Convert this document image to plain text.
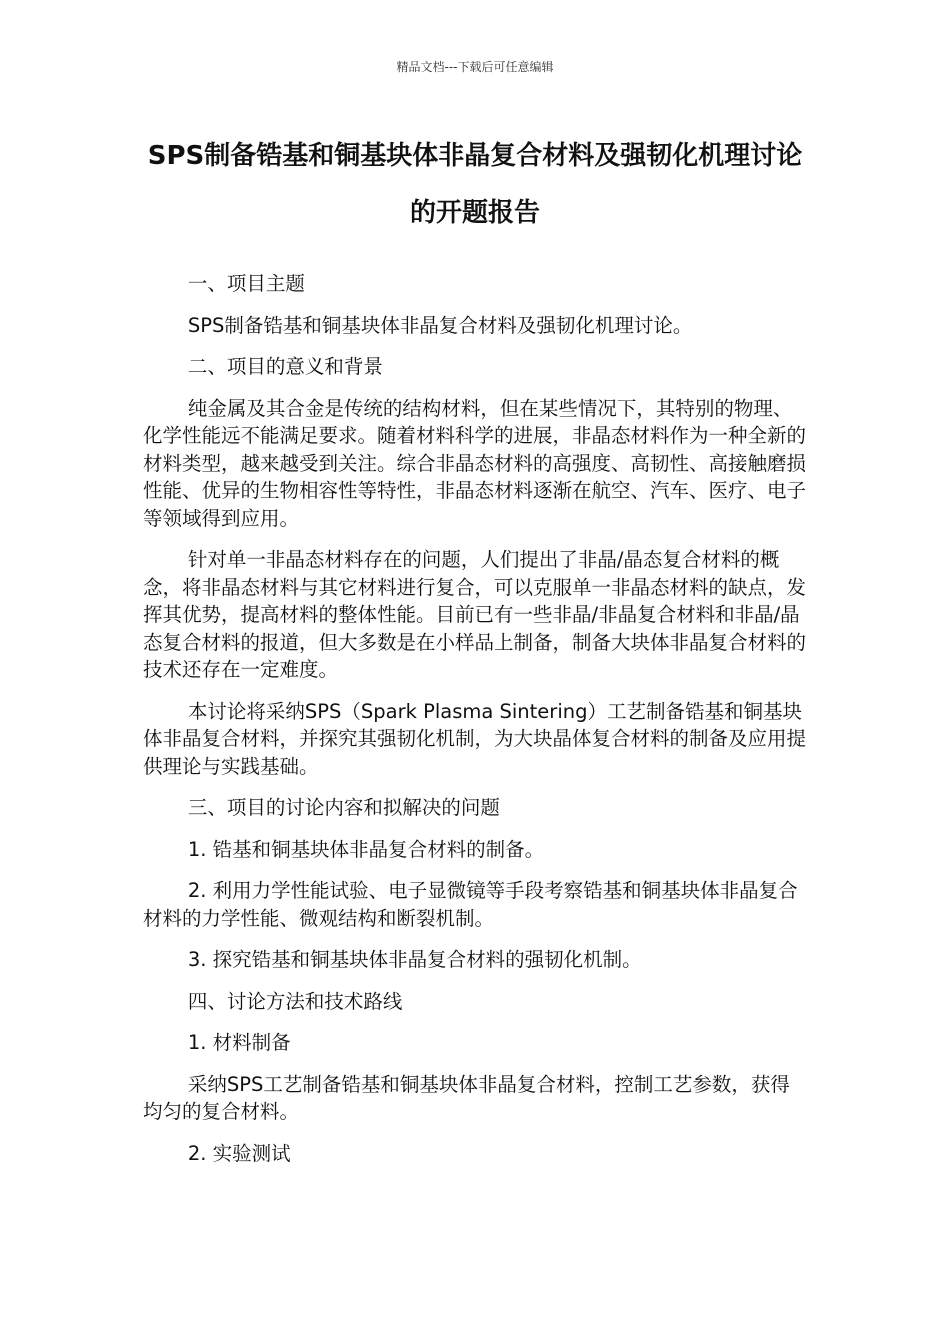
精品文档---下载后可任意编辑
SPS制备锆基和铜基块体非晶复合材料及强韧化机理讨论的开题报告

一、项目主题

SPS制备锆基和铜基块体非晶复合材料及强韧化机理讨论。

二、项目的意义和背景

纯金属及其合金是传统的结构材料，但在某些情况下，其特别的物理、化学性能远不能满足要求。随着材料科学的进展，非晶态材料作为一种全新的材料类型，越来越受到关注。综合非晶态材料的高强度、高韧性、高接触磨损性能、优异的生物相容性等特性，非晶态材料逐渐在航空、汽车、医疗、电子等领域得到应用。

针对单一非晶态材料存在的问题，人们提出了非晶/晶态复合材料的概念，将非晶态材料与其它材料进行复合，可以克服单一非晶态材料的缺点，发挥其优势，提高材料的整体性能。目前已有一些非晶/非晶复合材料和非晶/晶态复合材料的报道，但大多数是在小样品上制备，制备大块体非晶复合材料的技术还存在一定难度。

本讨论将采纳SPS（Spark Plasma Sintering）工艺制备锆基和铜基块体非晶复合材料，并探究其强韧化机制，为大块晶体复合材料的制备及应用提供理论与实践基础。

三、项目的讨论内容和拟解决的问题

1. 锆基和铜基块体非晶复合材料的制备。

2. 利用力学性能试验、电子显微镜等手段考察锆基和铜基块体非晶复合材料的力学性能、微观结构和断裂机制。

3. 探究锆基和铜基块体非晶复合材料的强韧化机制。

四、讨论方法和技术路线

1. 材料制备

采纳SPS工艺制备锆基和铜基块体非晶复合材料，控制工艺参数，获得均匀的复合材料。

2. 实验测试
